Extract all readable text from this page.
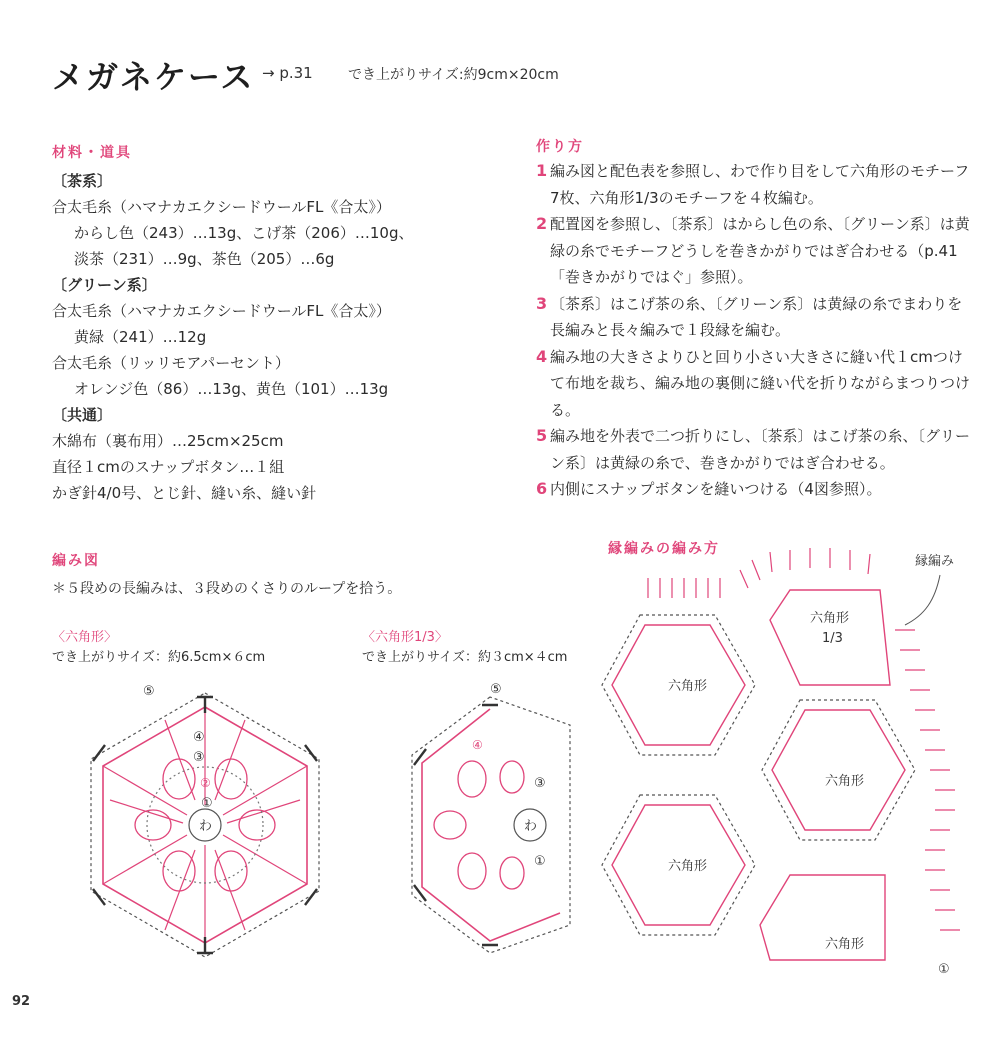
メガネケース → p.31	でき上がりサイズ:約9cm×20cm
材料・道具
〔茶系〕
合太毛糸（ハマナカエクシードウールFL《合太》）
からし色（243）…13g、こげ茶（206）…10g、
淡茶（231）…9g、茶色（205）…6g
〔グリーン系〕
合太毛糸（ハマナカエクシードウールFL《合太》）
黄緑（241）…12g
合太毛糸（リッリモアパーセント）
オレンジ色（86）…13g、黄色（101）…13g
〔共通〕
木綿布（裏布用）…25cm×25cm
直径１cmのスナップボタン…１組
かぎ針4/0号、とじ針、縫い糸、縫い針
作り方
1 編み図と配色表を参照し、わで作り目をして六角形のモチーフ7枚、六角形1/3のモチーフを４枚編む。
2 配置図を参照し、〔茶系〕はからし色の糸、〔グリーン系〕は黄緑の糸でモチーフどうしを巻きかがりではぎ合わせる（p.41「巻きかがりではぐ」参照）。
3 〔茶系〕はこげ茶の糸、〔グリーン系〕は黄緑の糸でまわりを長編みと長々編みで１段縁を編む。
4 編み地の大きさよりひと回り小さい大きさに縫い代１cmつけて布地を裁ち、編み地の裏側に縫い代を折りながらまつりつける。
5 編み地を外表で二つ折りにし、〔茶系〕はこげ茶の糸、〔グリーン系〕は黄緑の糸で、巻きかがりではぎ合わせる。
6 内側にスナップボタンを縫いつける（4図参照）。
編み図
＊５段めの長編みは、３段めのくさりのループを拾う。
〈六角形〉
でき上がりサイズ：約6.5cm×６cm
〈六角形1/3〉
でき上がりサイズ：約３cm×４cm
縁編みの編み方
わ
⑤
④
③
②
①
わ
⑤
④
③
①
六角形
六角形
六角形
六角形
1/3
六角形
縁編み
①
92
